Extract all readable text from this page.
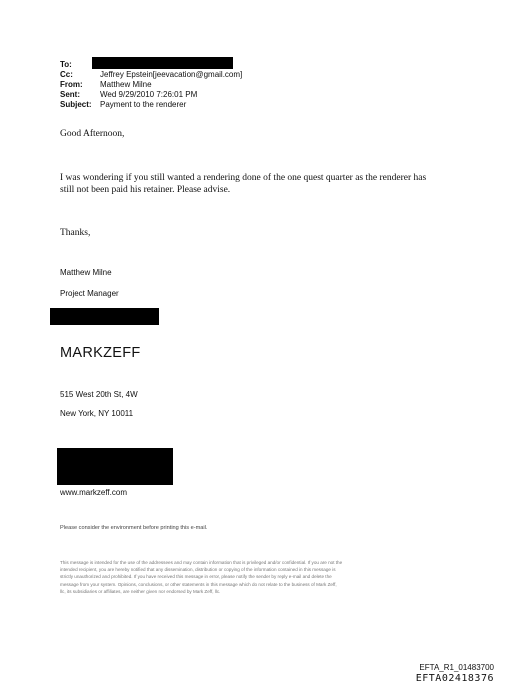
To:
Cc:	Jeffrey Epstein[jeevacation@gmail.com]
From: Matthew Milne
Sent:	Wed 9/29/2010 7:26:01 PM
Subject: Payment to the renderer
Good Afternoon,
I was wondering if you still wanted a rendering done of the one quest quarter as the renderer has
still not been paid his retainer. Please advise.
Thanks,
Matthew Milne
Project Manager
MARKZEFF
515 West 20th St, 4W
New York, NY 10011
www.markzeff.com
Please consider the environment before printing this e-mail.
This message is intended for the use of the addressees and may contain information that is privileged and/or confidential. If you are not the
intended recipient, you are hereby notified that any dissemination, distribution or copying of the information contained in this message is
strictly unauthorized and prohibited. If you have received this message in error, please notify the sender by reply e-mail and delete the
message from your system. Opinions, conclusions, or other statements in this message which do not relate to the business of Mark Zeff,
llc, its subsidiaries or affiliates, are neither given nor endorsed by Mark Zeff, llc.
EFTA_R1_01483700
EFTA02418376
